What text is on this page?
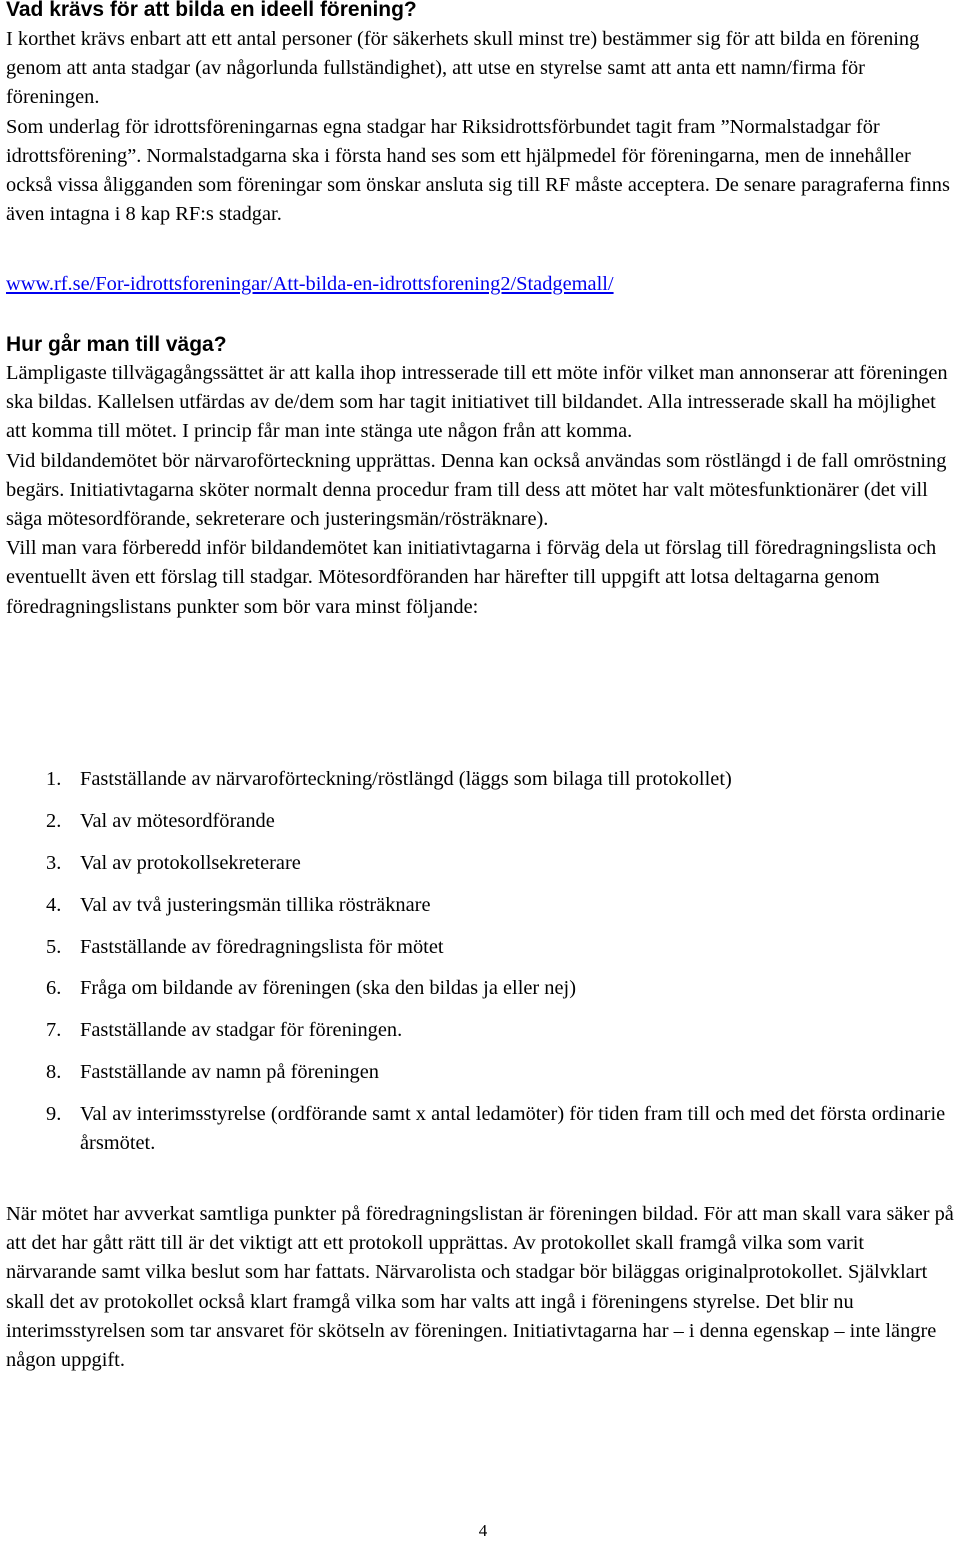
Vad krävs för att bilda en ideell förening?

I korthet krävs enbart att ett antal personer (för säkerhets skull minst tre) bestämmer sig för att bilda en förening genom att anta stadgar (av någorlunda fullständighet), att utse en styrelse samt att anta ett namn/firma för föreningen.

Som underlag för idrottsföreningarnas egna stadgar har Riksidrottsförbundet tagit fram ”Normalstadgar för idrottsförening”. Normalstadgarna ska i första hand ses som ett hjälpmedel för föreningarna, men de innehåller också vissa åligganden som föreningar som önskar ansluta sig till RF måste acceptera. De senare paragraferna finns även intagna i 8 kap RF:s stadgar.

www.rf.se/For-idrottsforeningar/Att-bilda-en-idrottsforening2/Stadgemall/
Hur går man till väga?

Lämpligaste tillvägagångssättet är att kalla ihop intresserade till ett möte inför vilket man annonserar att föreningen ska bildas. Kallelsen utfärdas av de/dem som har tagit initiativet till bildandet. Alla intresserade skall ha möjlighet att komma till mötet. I princip får man inte stänga ute någon från att komma.

Vid bildandemötet bör närvaroförteckning upprättas. Denna kan också användas som röstlängd i de fall omröstning begärs. Initiativtagarna sköter normalt denna procedur fram till dess att mötet har valt mötesfunktionärer (det vill säga mötesordförande, sekreterare och justeringsmän/rösträknare).

Vill man vara förberedd inför bildandemötet kan initiativtagarna i förväg dela ut förslag till föredragningslista och eventuellt även ett förslag till stadgar. Mötesordföranden har härefter till uppgift att lotsa deltagarna genom föredragningslistans punkter som bör vara minst följande:

1. Fastställande av närvaroförteckning/röstlängd (läggs som bilaga till protokollet)
2. Val av mötesordförande
3. Val av protokollsekreterare
4. Val av två justeringsmän tillika rösträknare
5. Fastställande av föredragningslista för mötet
6. Fråga om bildande av föreningen (ska den bildas ja eller nej)
7. Fastställande av stadgar för föreningen.
8. Fastställande av namn på föreningen
9. Val av interimsstyrelse (ordförande samt x antal ledamöter) för tiden fram till och med det första ordinarie årsmötet.

När mötet har avverkat samtliga punkter på föredragningslistan är föreningen bildad. För att man skall vara säker på att det har gått rätt till är det viktigt att ett protokoll upprättas. Av protokollet skall framgå vilka som varit närvarande samt vilka beslut som har fattats. Närvarolista och stadgar bör biläggas originalprotokollet. Självklart skall det av protokollet också klart framgå vilka som har valts att ingå i föreningens styrelse. Det blir nu interimsstyrelsen som tar ansvaret för skötseln av föreningen. Initiativtagarna har – i denna egenskap – inte längre någon uppgift.

4
